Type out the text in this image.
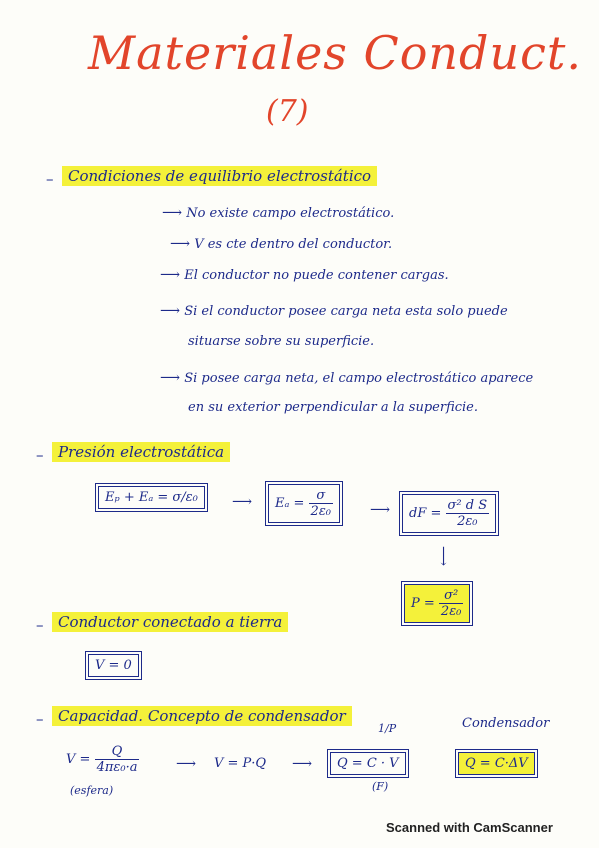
Materiales Conduct.
(7)
– Condiciones de equilibrio electrostático
⟶ No existe campo electrostático.
⟶ V es cte dentro del conductor.
⟶ El conductor no puede contener cargas.
⟶ Si el conductor posee carga neta esta solo puede
situarse sobre su superficie.
⟶ Si posee carga neta, el campo electrostático aparece
en su exterior perpendicular a la superficie.
– Presión electrostática
Eₚ + Eₐ = σ/ε₀	⟶	$E_a = \frac{\sigma}{\text{2ε₀}}$	⟶	dF = $\frac{\text{σ² d S}}{\text{2ε₀}}$
⟶
$P = \frac{\text{σ²}}{\text{2ε₀}}$
– Conductor conectado a tierra
V = 0
– Capacidad. Concepto de condensador
$V = \frac{Q}{\text{4πε₀·a}}$
(esfera)
⟶ V = P·Q ⟶
1/P
Q = C · V
(F)
Condensador
Q = C·ΔV
Scanned with CamScanner
